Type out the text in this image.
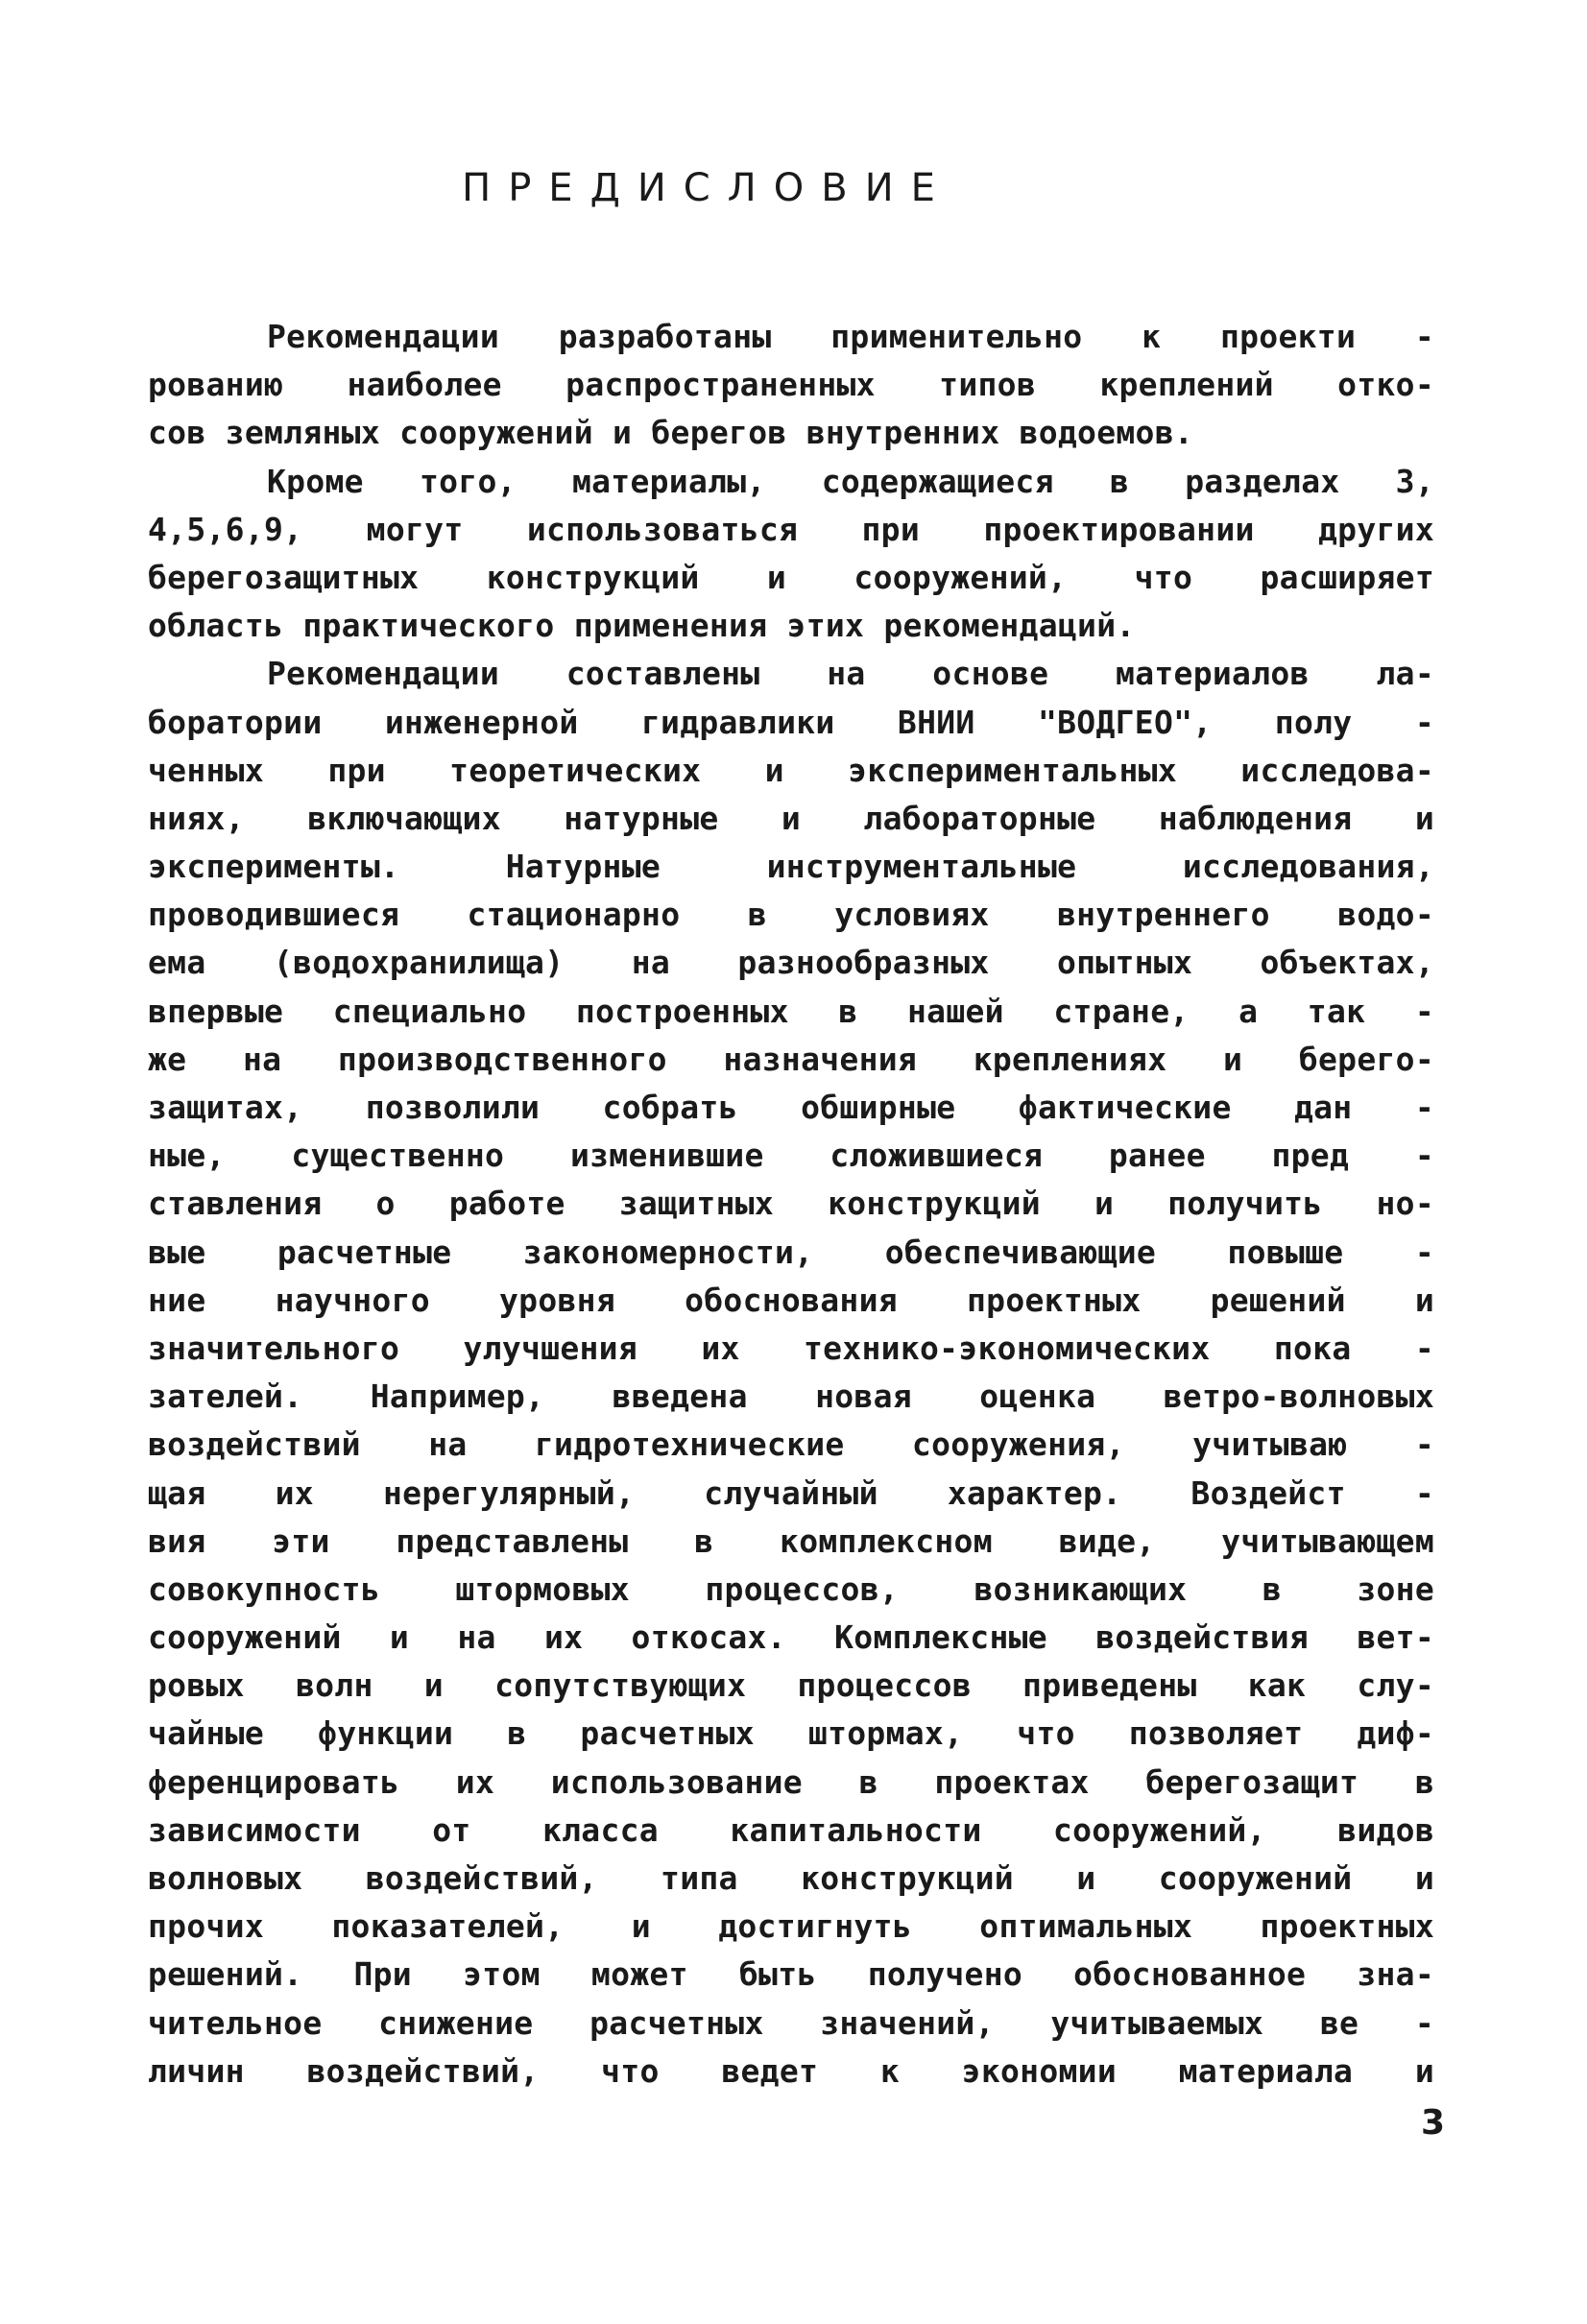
ПРЕДИСЛОВИЕ
Рекомендации разработаны применительно к проекти -
рованию наиболее распространенных типов креплений отко-
сов земляных сооружений и берегов внутренних водоемов.
Кроме того, материалы, содержащиеся в разделах 3,
4,5,6,9, могут использоваться при проектировании других
берегозащитных конструкций и сооружений, что расширяет
область практического применения этих рекомендаций.
Рекомендации составлены на основе материалов ла-
боратории инженерной гидравлики ВНИИ "ВОДГЕО", полу -
ченных при теоретических и экспериментальных исследова-
ниях, включающих натурные и лабораторные наблюдения и
эксперименты. Натурные инструментальные исследования,
проводившиеся стационарно в условиях внутреннего водо-
ема (водохранилища) на разнообразных опытных объектах,
впервые специально построенных в нашей стране, а так -
же на производственного назначения креплениях и берего-
защитах, позволили собрать обширные фактические дан -
ные, существенно изменившие сложившиеся ранее пред -
ставления о работе защитных конструкций и получить но-
вые расчетные закономерности, обеспечивающие повыше -
ние научного уровня обоснования проектных решений и
значительного улучшения их технико-экономических пока -
зателей. Например, введена новая оценка ветро-волновых
воздействий на гидротехнические сооружения, учитываю -
щая их нерегулярный, случайный характер. Воздейст -
вия эти представлены в комплексном виде, учитывающем
совокупность штормовых процессов, возникающих в зоне
сооружений и на их откосах. Комплексные воздействия вет-
ровых волн и сопутствующих процессов приведены как слу-
чайные функции в расчетных штормах, что позволяет диф-
ференцировать их использование в проектах берегозащит в
зависимости от класса капитальности сооружений, видов
волновых воздействий, типа конструкций и сооружений и
прочих показателей, и достигнуть оптимальных проектных
решений. При этом может быть получено обоснованное зна-
чительное снижение расчетных значений, учитываемых ве -
личин воздействий, что ведет к экономии материала и
3
